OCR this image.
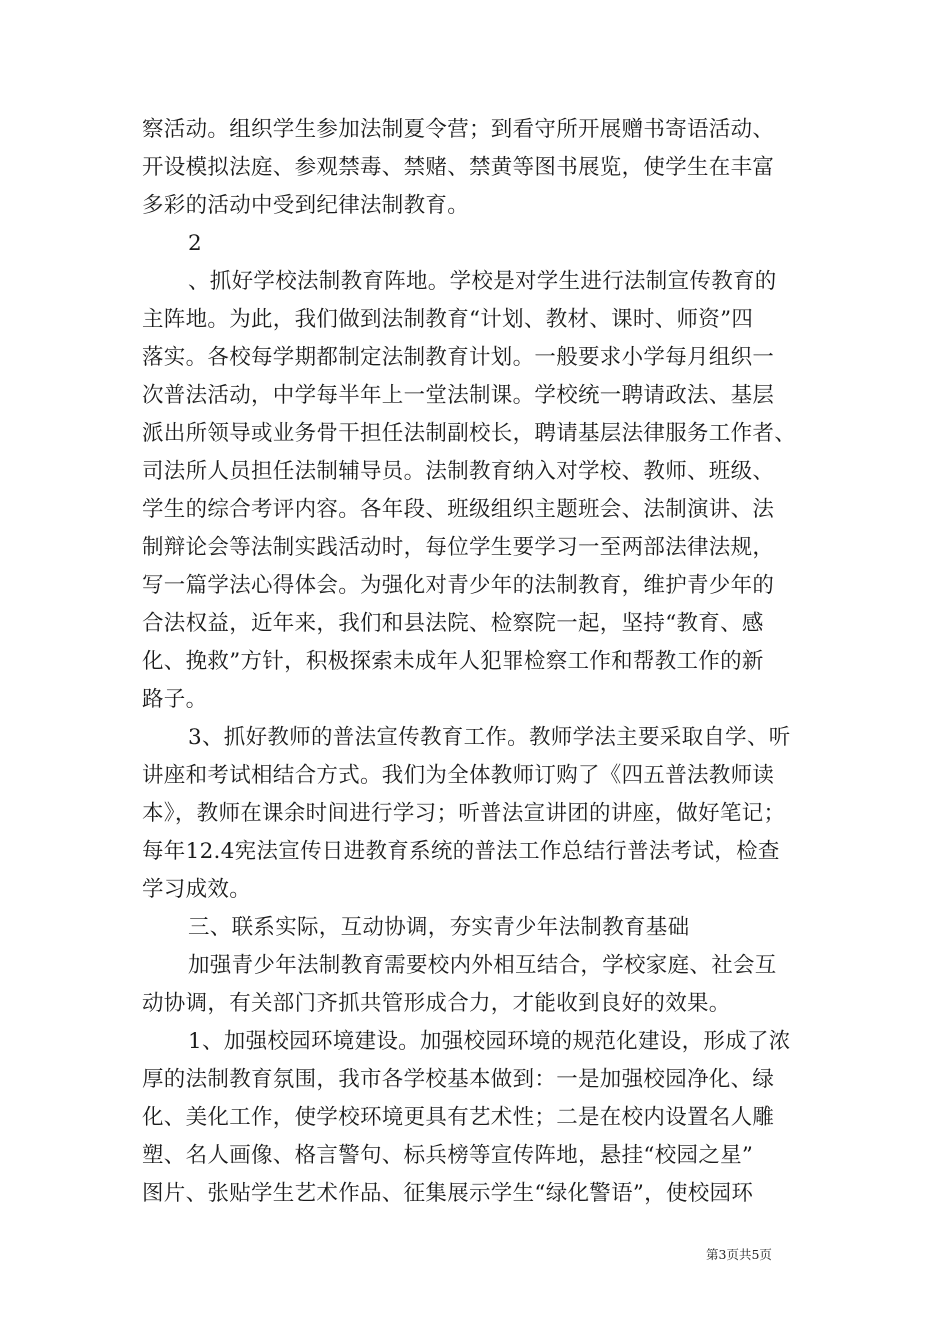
察活动。组织学生参加法制夏令营；到看守所开展赠书寄语活动、
开设模拟法庭、参观禁毒、禁赌、禁黄等图书展览，使学生在丰富
多彩的活动中受到纪律法制教育。
2
、抓好学校法制教育阵地。学校是对学生进行法制宣传教育的
主阵地。为此，我们做到法制教育“计划、教材、课时、师资”四
落实。各校每学期都制定法制教育计划。一般要求小学每月组织一
次普法活动，中学每半年上一堂法制课。学校统一聘请政法、基层
派出所领导或业务骨干担任法制副校长，聘请基层法律服务工作者、
司法所人员担任法制辅导员。法制教育纳入对学校、教师、班级、
学生的综合考评内容。各年段、班级组织主题班会、法制演讲、法
制辩论会等法制实践活动时，每位学生要学习一至两部法律法规，
写一篇学法心得体会。为强化对青少年的法制教育，维护青少年的
合法权益，近年来，我们和县法院、检察院一起，坚持“教育、感
化、挽救”方针，积极探索未成年人犯罪检察工作和帮教工作的新
路子。
3、抓好教师的普法宣传教育工作。教师学法主要采取自学、听
讲座和考试相结合方式。我们为全体教师订购了《四五普法教师读
本》，教师在课余时间进行学习；听普法宣讲团的讲座，做好笔记；
每年12.4宪法宣传日进教育系统的普法工作总结行普法考试，检查
学习成效。
三、联系实际，互动协调，夯实青少年法制教育基础
加强青少年法制教育需要校内外相互结合，学校家庭、社会互
动协调，有关部门齐抓共管形成合力，才能收到良好的效果。
1、加强校园环境建设。加强校园环境的规范化建设，形成了浓
厚的法制教育氛围，我市各学校基本做到：一是加强校园净化、绿
化、美化工作，使学校环境更具有艺术性；二是在校内设置名人雕
塑、名人画像、格言警句、标兵榜等宣传阵地，悬挂“校园之星”
图片、张贴学生艺术作品、征集展示学生“绿化警语”，使校园环
第3页共5页
